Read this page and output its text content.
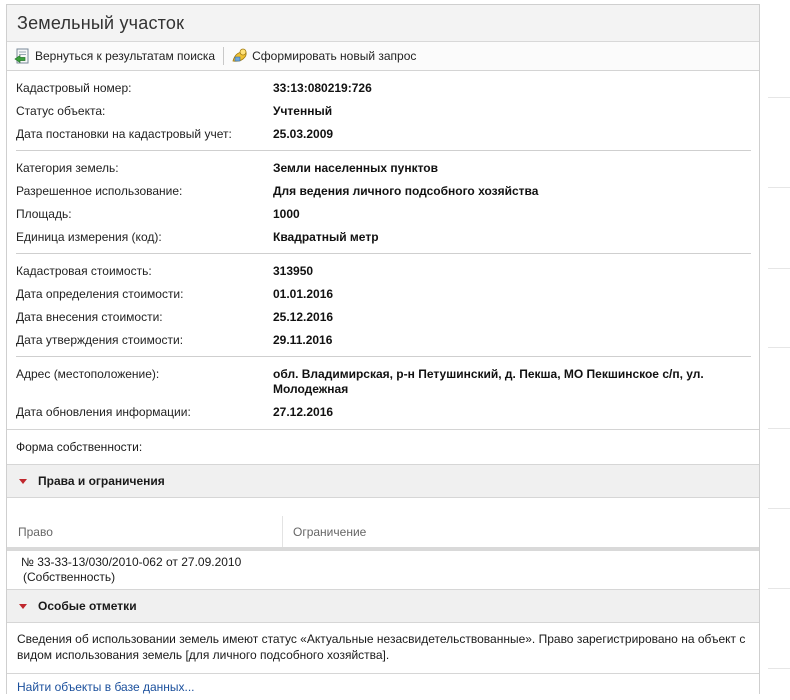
Земельный участок
Вернуться к результатам поиска	Сформировать новый запрос
Кадастровый номер:	33:13:080219:726
Статус объекта:	Учтенный
Дата постановки на кадастровый учет:	25.03.2009
Категория земель:	Земли населенных пунктов
Разрешенное использование:	Для ведения личного подсобного хозяйства
Площадь:	1000
Единица измерения (код):	Квадратный метр
Кадастровая стоимость:	313950
Дата определения стоимости:	01.01.2016
Дата внесения стоимости:	25.12.2016
Дата утверждения стоимости:	29.11.2016
Адрес (местоположение):	обл. Владимирская, р-н Петушинский, д. Пекша, МО Пекшинское с/п, ул. Молодежная
Дата обновления информации:	27.12.2016
Форма собственности:
Права и ограничения
Право	Ограничение
№ 33-33-13/030/2010-062 от 27.09.2010
(Собственность)
Особые отметки
Сведения об использовании земель имеют статус «Актуальные незасвидетельствованные». Право зарегистрировано на объект с видом использования земель [для личного подсобного хозяйства].
Найти объекты в базе данных...
